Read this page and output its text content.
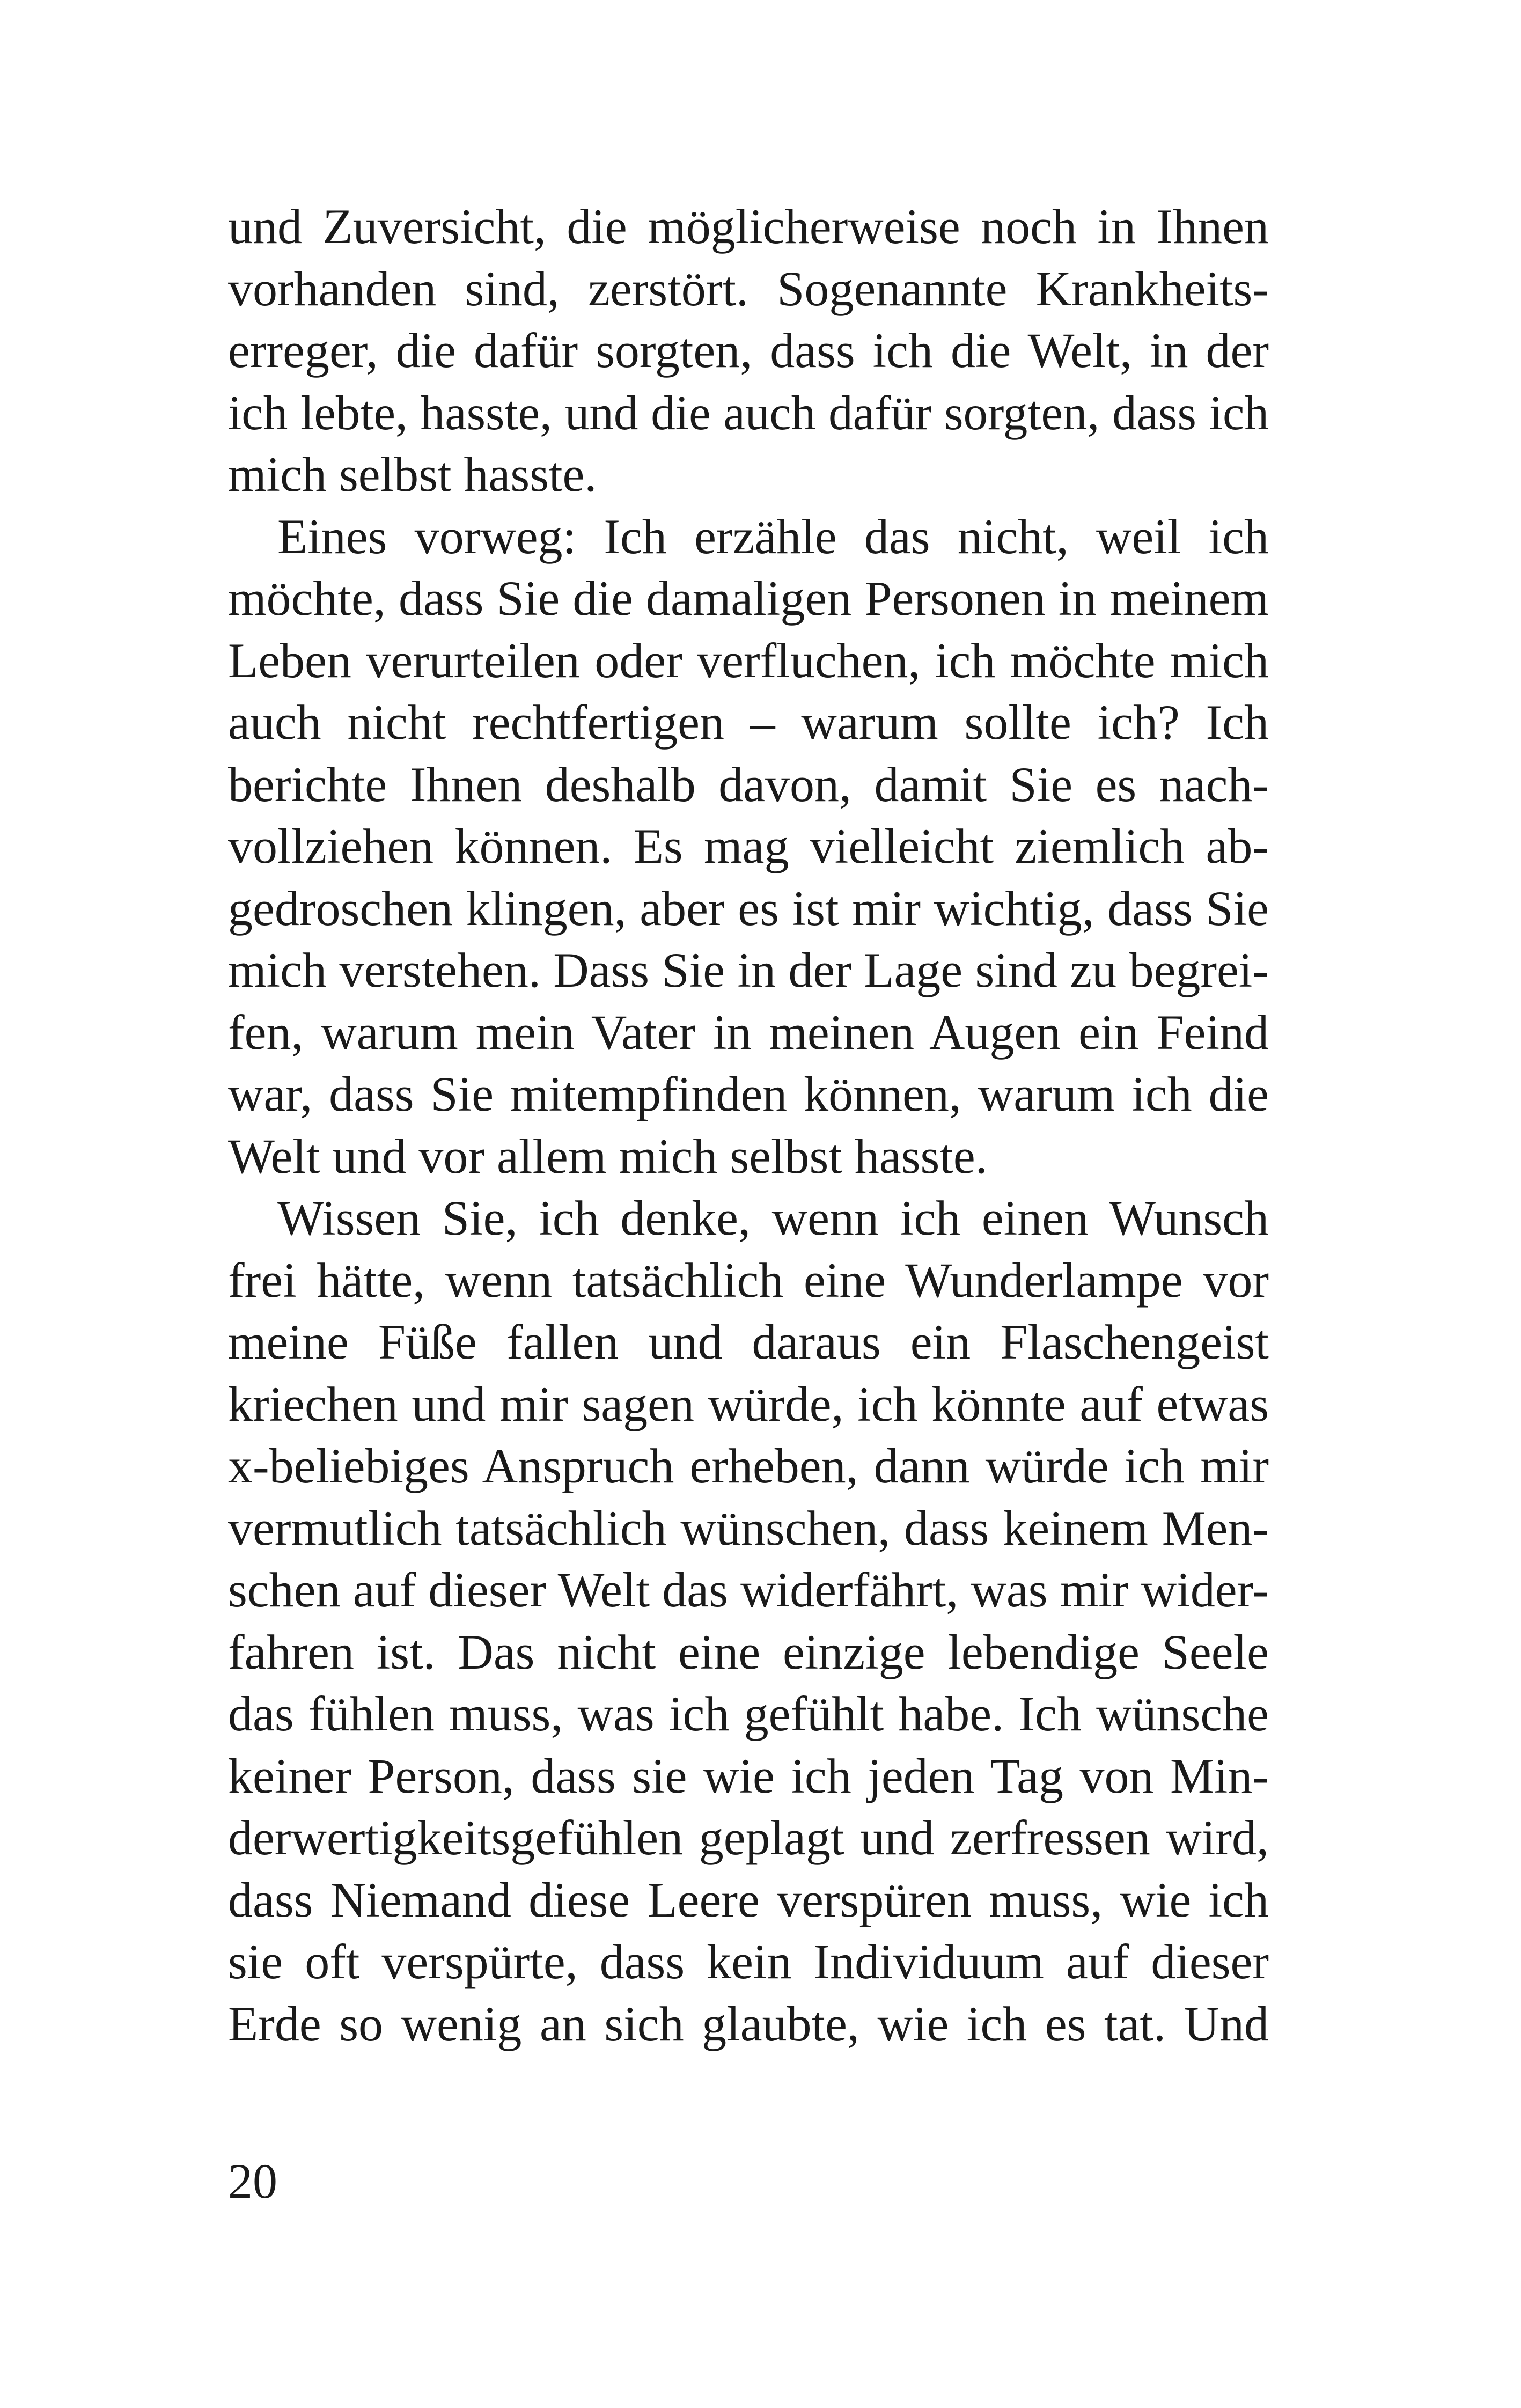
und Zuversicht, die möglicherweise noch in Ihnen
vorhanden sind, zerstört. Sogenannte Krankheits-
erreger, die dafür sorgten, dass ich die Welt, in der
ich lebte, hasste, und die auch dafür sorgten, dass ich
mich selbst hasste.
Eines vorweg: Ich erzähle das nicht, weil ich
möchte, dass Sie die damaligen Personen in meinem
Leben verurteilen oder verfluchen, ich möchte mich
auch nicht rechtfertigen – warum sollte ich? Ich
berichte Ihnen deshalb davon, damit Sie es nach-
vollziehen können. Es mag vielleicht ziemlich ab-
gedroschen klingen, aber es ist mir wichtig, dass Sie
mich verstehen. Dass Sie in der Lage sind zu begrei-
fen, warum mein Vater in meinen Augen ein Feind
war, dass Sie mitempfinden können, warum ich die
Welt und vor allem mich selbst hasste.
Wissen Sie, ich denke, wenn ich einen Wunsch
frei hätte, wenn tatsächlich eine Wunderlampe vor
meine Füße fallen und daraus ein Flaschengeist
kriechen und mir sagen würde, ich könnte auf etwas
x-beliebiges Anspruch erheben, dann würde ich mir
vermutlich tatsächlich wünschen, dass keinem Men-
schen auf dieser Welt das widerfährt, was mir wider-
fahren ist. Das nicht eine einzige lebendige Seele
das fühlen muss, was ich gefühlt habe. Ich wünsche
keiner Person, dass sie wie ich jeden Tag von Min-
derwertigkeitsgefühlen geplagt und zerfressen wird,
dass Niemand diese Leere verspüren muss, wie ich
sie oft verspürte, dass kein Individuum auf dieser
Erde so wenig an sich glaubte, wie ich es tat. Und
20
